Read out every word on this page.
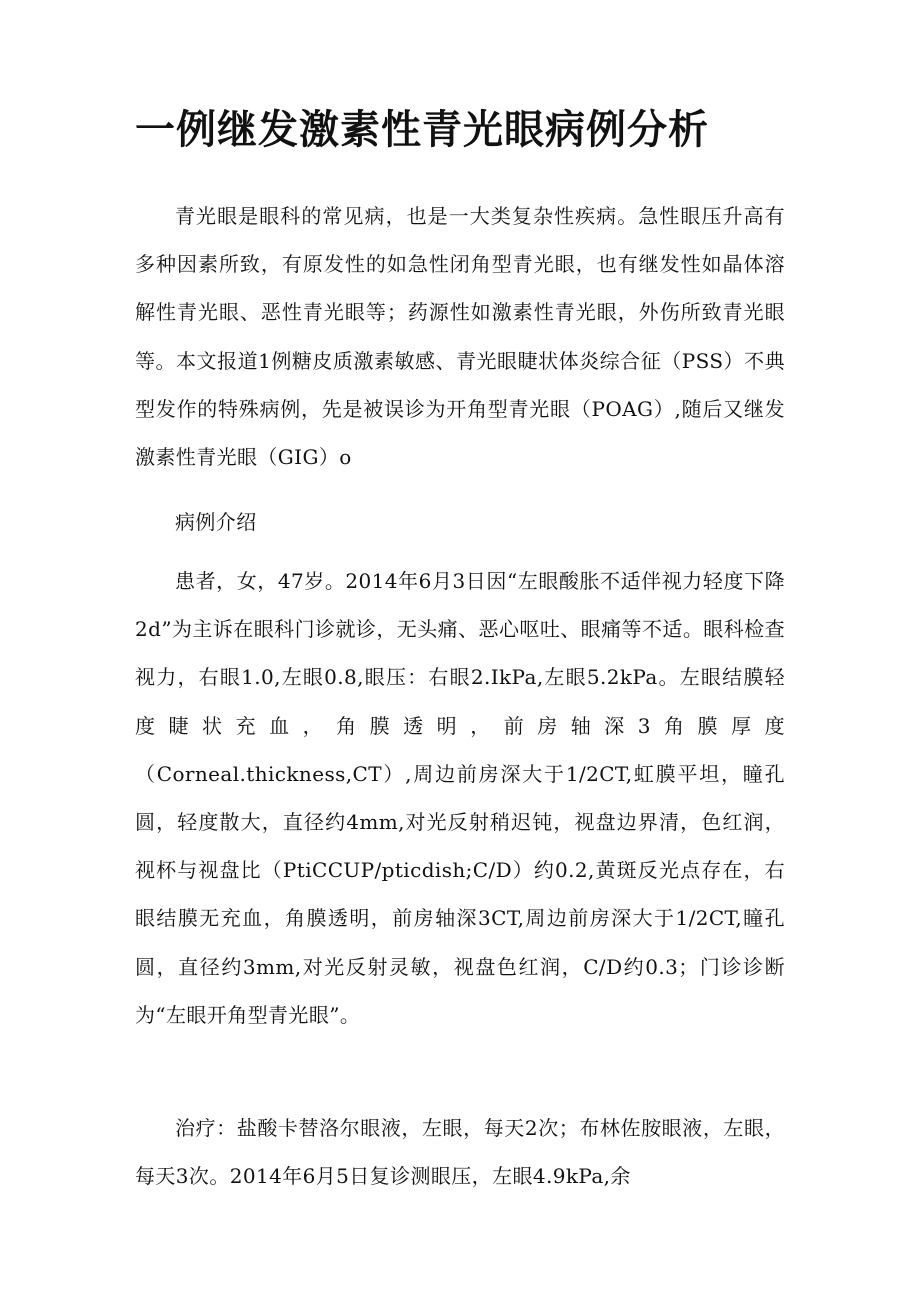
一例继发激素性青光眼病例分析

青光眼是眼科的常见病，也是一大类复杂性疾病。急性眼压升高有多种因素所致，有原发性的如急性闭角型青光眼，也有继发性如晶体溶解性青光眼、恶性青光眼等；药源性如激素性青光眼，外伤所致青光眼等。本文报道1例糖皮质激素敏感、青光眼睫状体炎综合征（PSS）不典型发作的特殊病例，先是被误诊为开角型青光眼（POAG）,随后又继发激素性青光眼（GIG）o

病例介绍

患者，女，47岁。2014年6月3日因“左眼酸胀不适伴视力轻度下降2d”为主诉在眼科门诊就诊，无头痛、恶心呕吐、眼痛等不适。眼科检查视力，右眼1.0,左眼0.8,眼压：右眼2.IkPa,左眼5.2kPa。左眼结膜轻度睫状充血，角膜透明，前房轴深3角膜厚度（Corneal.thickness,CT）,周边前房深大于1/2CT,虹膜平坦，瞳孔圆，轻度散大，直径约4mm,对光反射稍迟钝，视盘边界清，色红润，视杯与视盘比（PtiCCUP/pticdish;C/D）约0.2,黄斑反光点存在，右眼结膜无充血，角膜透明，前房轴深3CT,周边前房深大于1/2CT,瞳孔圆，直径约3mm,对光反射灵敏，视盘色红润，C/D约0.3；门诊诊断为“左眼开角型青光眼”。

治疗：盐酸卡替洛尔眼液，左眼，每天2次；布林佐胺眼液，左眼，每天3次。2014年6月5日复诊测眼压，左眼4.9kPa,余
